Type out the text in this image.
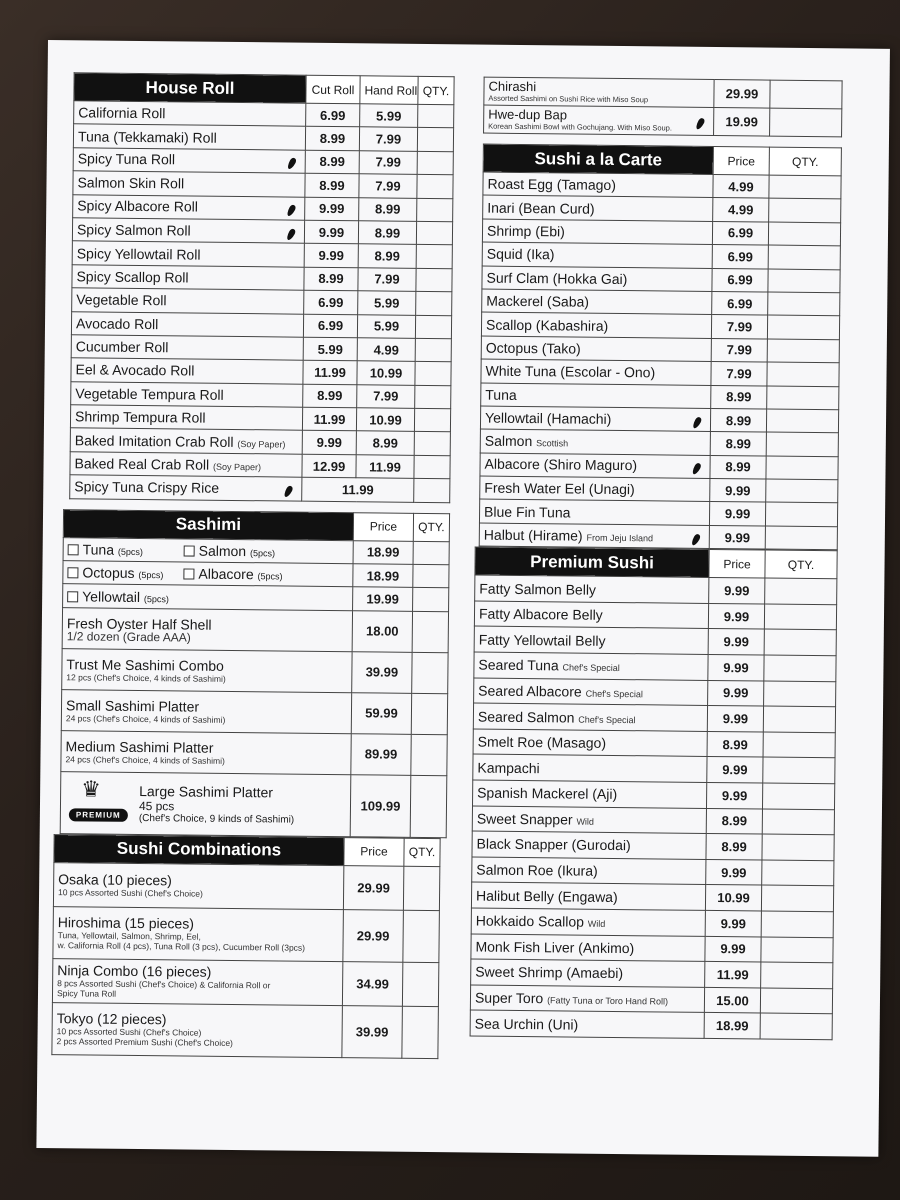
House Roll	Cut Roll	Hand Roll	QTY.
California Roll	6.99	5.99	
Tuna (Tekkamaki) Roll	8.99	7.99	
Spicy Tuna Roll	8.99	7.99	
Salmon Skin Roll	8.99	7.99	
Spicy Albacore Roll	9.99	8.99	
Spicy Salmon Roll	9.99	8.99	
Spicy Yellowtail Roll	9.99	8.99	
Spicy Scallop Roll	8.99	7.99	
Vegetable Roll	6.99	5.99	
Avocado Roll	6.99	5.99	
Cucumber Roll	5.99	4.99	
Eel & Avocado Roll	11.99	10.99	
Vegetable Tempura Roll	8.99	7.99	
Shrimp Tempura Roll	11.99	10.99	
Baked Imitation Crab Roll (Soy Paper)	9.99	8.99	
Baked Real Crab Roll (Soy Paper)	12.99	11.99	
Spicy Tuna Crispy Rice	11.99		
Sashimi	Price	QTY.
Tuna (5pcs) Salmon (5pcs)	18.99	
Octopus (5pcs) Albacore (5pcs)	18.99	
Yellowtail (5pcs)	19.99	

Fresh Oyster Half Shell
1/2 dozen (Grade AAA)	18.00	

Trust Me Sashimi Combo
12 pcs (Chef's Choice, 4 kinds of Sashimi)	39.99	

Small Sashimi Platter
24 pcs (Chef's Choice, 4 kinds of Sashimi)	59.99	

Medium Sashimi Platter
24 pcs (Chef's Choice, 4 kinds of Sashimi)	89.99	

♛
PREMIUM
Large Sashimi Platter
45 pcs
(Chef's Choice, 9 kinds of Sashimi)	109.99	
Sushi Combinations	Price	QTY.

Osaka (10 pieces)
10 pcs Assorted Sushi (Chef's Choice)	29.99	

Hiroshima (15 pieces)
Tuna, Yellowtail, Salmon, Shrimp, Eel,
w. California Roll (4 pcs), Tuna Roll (3 pcs), Cucumber Roll (3pcs)	29.99	

Ninja Combo (16 pieces)
8 pcs Assorted Sushi (Chef's Choice) & California Roll or
Spicy Tuna Roll	34.99	

Tokyo (12 pieces)
10 pcs Assorted Sushi (Chef's Choice)
2 pcs Assorted Premium Sushi (Chef's Choice)	39.99	
Chirashi
Assorted Sashimi on Sushi Rice with Miso Soup	29.99	

Hwe-dup Bap
Korean Sashimi Bowl with Gochujang. With Miso Soup.	19.99	
Sushi a la Carte	Price	QTY.
Roast Egg (Tamago)	4.99	
Inari (Bean Curd)	4.99	
Shrimp (Ebi)	6.99	
Squid (Ika)	6.99	
Surf Clam (Hokka Gai)	6.99	
Mackerel (Saba)	6.99	
Scallop (Kabashira)	7.99	
Octopus (Tako)	7.99	
White Tuna (Escolar - Ono)	7.99	
Tuna	8.99	
Yellowtail (Hamachi)	8.99	
Salmon Scottish	8.99	
Albacore (Shiro Maguro)	8.99	
Fresh Water Eel (Unagi)	9.99	
Blue Fin Tuna	9.99	
Halbut (Hirame) From Jeju Island	9.99	
Premium Sushi	Price	QTY.
Fatty Salmon Belly	9.99	
Fatty Albacore Belly	9.99	
Fatty Yellowtail Belly	9.99	
Seared Tuna Chef's Special	9.99	
Seared Albacore Chef's Special	9.99	
Seared Salmon Chef's Special	9.99	
Smelt Roe (Masago)	8.99	
Kampachi	9.99	
Spanish Mackerel (Aji)	9.99	
Sweet Snapper Wild	8.99	
Black Snapper (Gurodai)	8.99	
Salmon Roe (Ikura)	9.99	
Halibut Belly (Engawa)	10.99	
Hokkaido Scallop Wild	9.99	
Monk Fish Liver (Ankimo)	9.99	
Sweet Shrimp (Amaebi)	11.99	
Super Toro (Fatty Tuna or Toro Hand Roll)	15.00	
Sea Urchin (Uni)	18.99	
